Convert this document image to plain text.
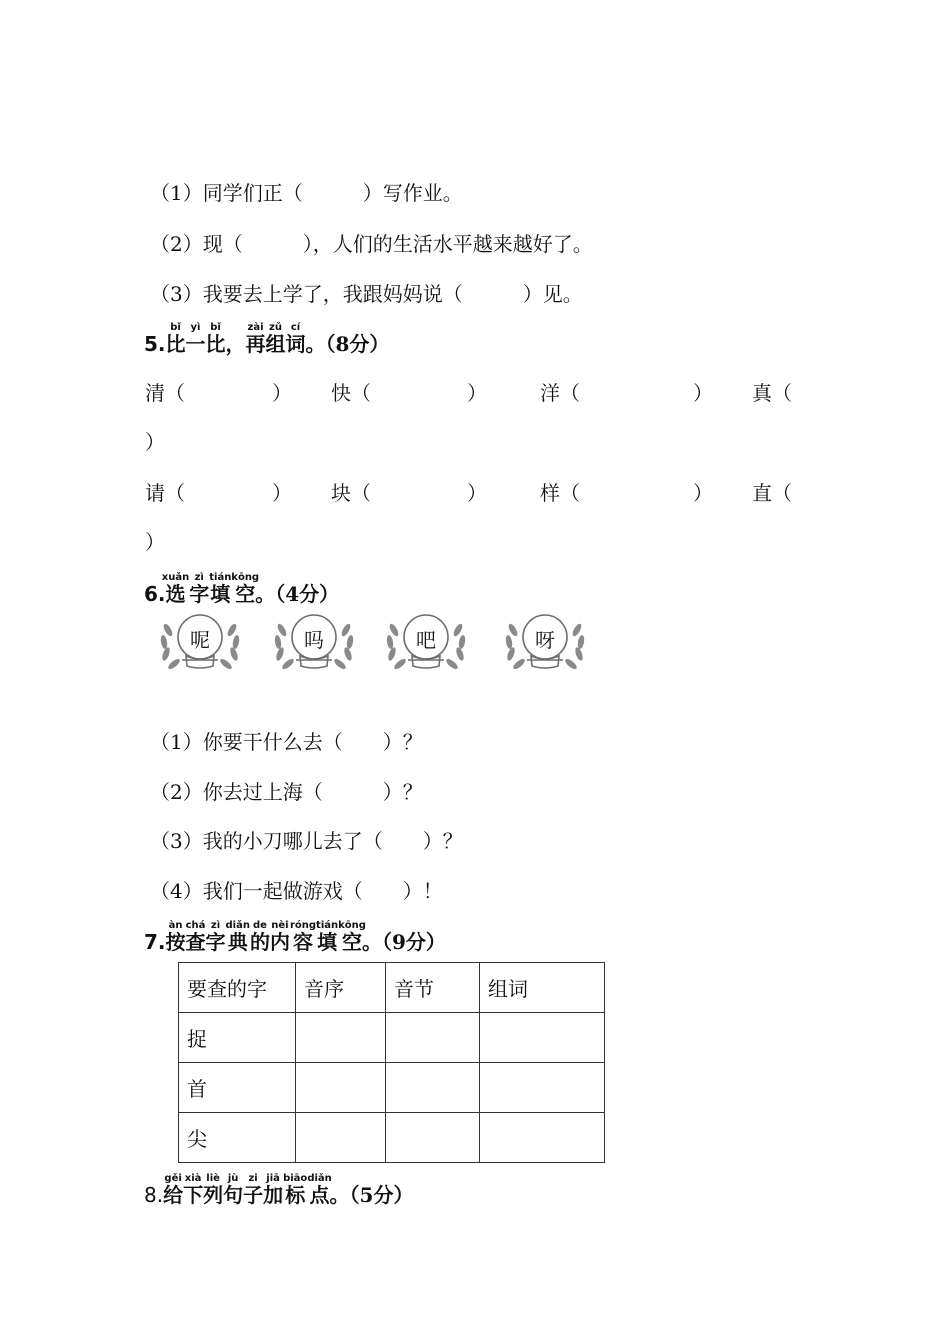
（1）同学们正（　　　）写作业。
（2）现（　　　），人们的生活水平越来越好了。
（3）我要去上学了，我跟妈妈说（　　　）见。
5.比bǐ一yì比bǐ，再zài组zǔ词cí。（8分）
清（	） 快（	）	洋（	） 真（
）
请（	） 块（	）	样（	） 直（
）
6.选xuǎn字zì填tián空kōng。（4分）
呢	吗	吧	呀
（1）你要干什么去（　　）？
（2）你去过上海（　　　）？
（3）我的小刀哪儿去了（　　）？
（4）我们一起做游戏（　　）！
7.按àn查chá字zì典diǎn的de内nèi容róng填tián空kōng。（9分）
要查的字	音序	音节	组词
捉			
首			
尖			
8.给gěi下xià列liè句jù子zi加jiā标biāo点diǎn。（5分）
